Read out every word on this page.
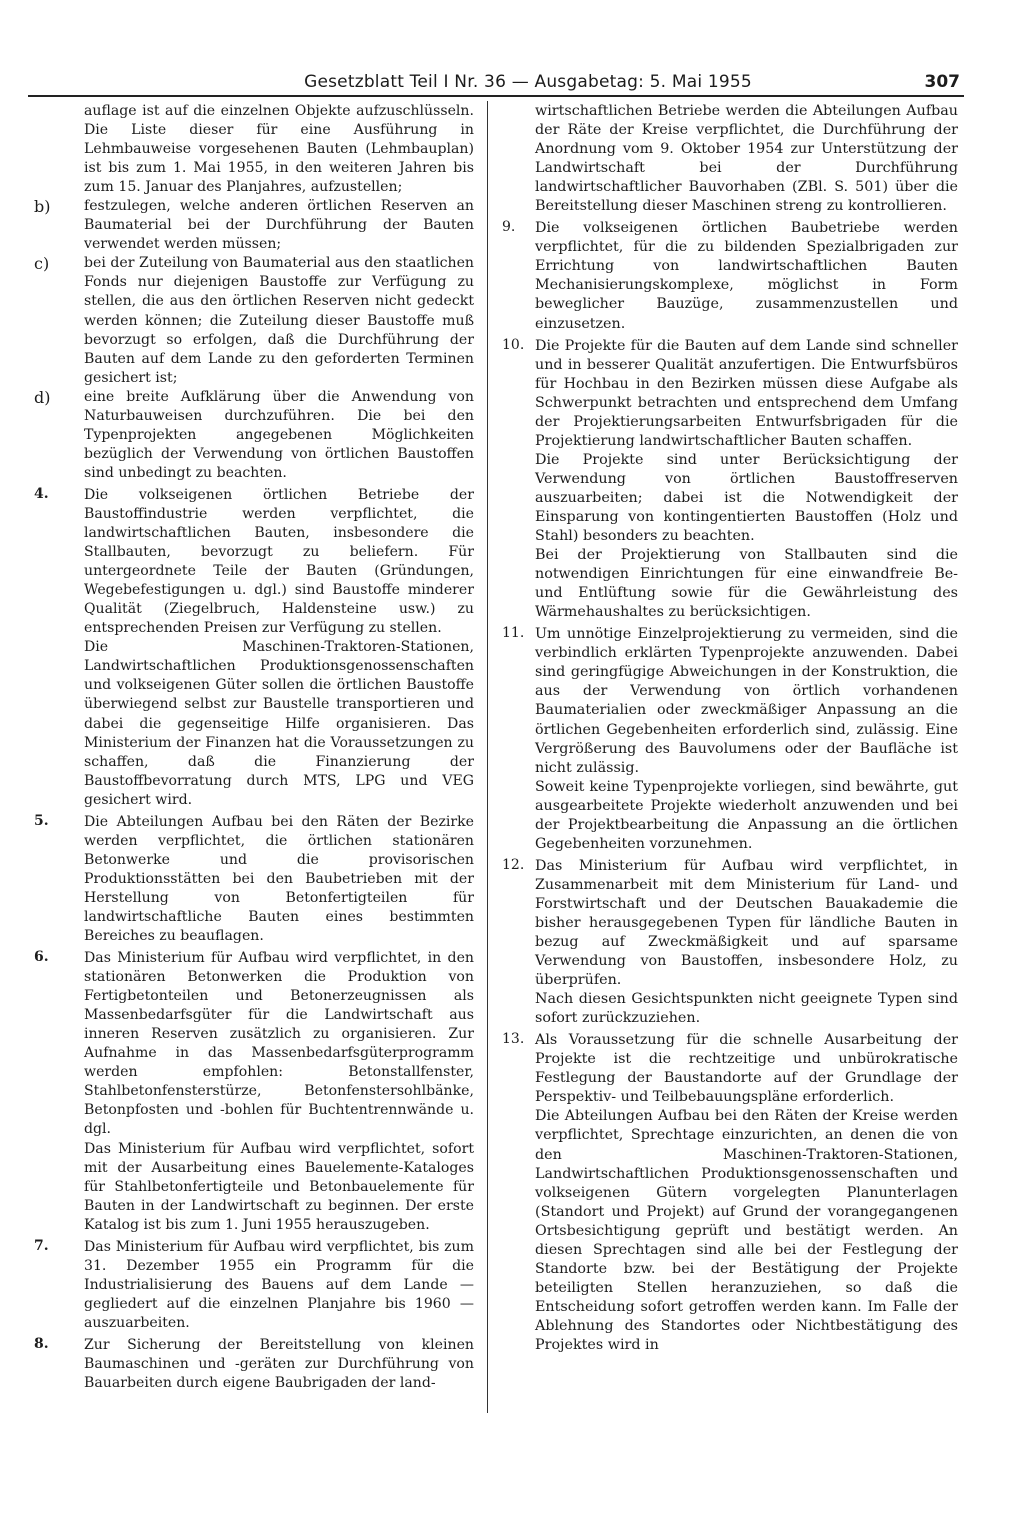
Gesetzblatt Teil I Nr. 36 — Ausgabetag: 5. Mai 1955	307

auflage ist auf die einzelnen Objekte aufzuschlüsseln. Die Liste dieser für eine Ausführung in Lehmbauweise vorgesehenen Bauten (Lehmbauplan) ist bis zum 1. Mai 1955, in den weiteren Jahren bis zum 15. Januar des Planjahres, aufzustellen;

b) festzulegen, welche anderen örtlichen Reserven an Baumaterial bei der Durchführung der Bauten verwendet werden müssen;

c) bei der Zuteilung von Baumaterial aus den staatlichen Fonds nur diejenigen Baustoffe zur Verfügung zu stellen, die aus den örtlichen Reserven nicht gedeckt werden können; die Zuteilung dieser Baustoffe muß bevorzugt so erfolgen, daß die Durchführung der Bauten auf dem Lande zu den geforderten Terminen gesichert ist;

d) eine breite Aufklärung über die Anwendung von Naturbauweisen durchzuführen. Die bei den Typenprojekten angegebenen Möglichkeiten bezüglich der Verwendung von örtlichen Baustoffen sind unbedingt zu beachten.

4.	Die volkseigenen örtlichen Betriebe der Baustoffindustrie werden verpflichtet, die landwirtschaftlichen Bauten, insbesondere die Stallbauten, bevorzugt zu beliefern. Für untergeordnete Teile der Bauten (Gründungen, Wegebefestigungen u. dgl.) sind Baustoffe minderer Qualität (Ziegelbruch, Haldensteine usw.) zu entsprechenden Preisen zur Verfügung zu stellen.

Die Maschinen-Traktoren-Stationen, Landwirtschaftlichen Produktionsgenossenschaften und volkseigenen Güter sollen die örtlichen Baustoffe überwiegend selbst zur Baustelle transportieren und dabei die gegenseitige Hilfe organisieren. Das Ministerium der Finanzen hat die Voraussetzungen zu schaffen, daß die Finanzierung der Baustoffbevorratung durch MTS, LPG und VEG gesichert wird.

5.	Die Abteilungen Aufbau bei den Räten der Bezirke werden verpflichtet, die örtlichen stationären Betonwerke und die provisorischen Produktionsstätten bei den Baubetrieben mit der Herstellung von Betonfertigteilen für landwirtschaftliche Bauten eines bestimmten Bereiches zu beauflagen.

6.	Das Ministerium für Aufbau wird verpflichtet, in den stationären Betonwerken die Produktion von Fertigbetonteilen und Betonerzeugnissen als Massenbedarfsgüter für die Landwirtschaft aus inneren Reserven zusätzlich zu organisieren. Zur Aufnahme in das Massenbedarfsgüterprogramm werden empfohlen: Betonstallfenster, Stahlbetonfensterstürze, Betonfenstersohlbänke, Betonpfosten und -bohlen für Buchtentrennwände u. dgl.

Das Ministerium für Aufbau wird verpflichtet, sofort mit der Ausarbeitung eines Bauelemente-Kataloges für Stahlbetonfertigteile und Betonbauelemente für Bauten in der Landwirtschaft zu beginnen. Der erste Katalog ist bis zum 1. Juni 1955 herauszugeben.

7.	Das Ministerium für Aufbau wird verpflichtet, bis zum 31. Dezember 1955 ein Programm für die Industrialisierung des Bauens auf dem Lande — gegliedert auf die einzelnen Planjahre bis 1960 — auszuarbeiten.

8.	Zur Sicherung der Bereitstellung von kleinen Baumaschinen und -geräten zur Durchführung von Bauarbeiten durch eigene Baubrigaden der land-

wirtschaftlichen Betriebe werden die Abteilungen Aufbau der Räte der Kreise verpflichtet, die Durchführung der Anordnung vom 9. Oktober 1954 zur Unterstützung der Landwirtschaft bei der Durchführung landwirtschaftlicher Bauvorhaben (ZBl. S. 501) über die Bereitstellung dieser Maschinen streng zu kontrollieren.

9. Die volkseigenen örtlichen Baubetriebe werden verpflichtet, für die zu bildenden Spezialbrigaden zur Errichtung von landwirtschaftlichen Bauten Mechanisierungskomplexe, möglichst in Form beweglicher Bauzüge, zusammenzustellen und einzusetzen.

10. Die Projekte für die Bauten auf dem Lande sind schneller und in besserer Qualität anzufertigen. Die Entwurfsbüros für Hochbau in den Bezirken müssen diese Aufgabe als Schwerpunkt betrachten und entsprechend dem Umfang der Projektierungsarbeiten Entwurfsbrigaden für die Projektierung landwirtschaftlicher Bauten schaffen.

Die Projekte sind unter Berücksichtigung der Verwendung von örtlichen Baustoffreserven auszuarbeiten; dabei ist die Notwendigkeit der Einsparung von kontingentierten Baustoffen (Holz und Stahl) besonders zu beachten.

Bei der Projektierung von Stallbauten sind die notwendigen Einrichtungen für eine einwandfreie Be- und Entlüftung sowie für die Gewährleistung des Wärmehaushaltes zu berücksichtigen.

11. Um unnötige Einzelprojektierung zu vermeiden, sind die verbindlich erklärten Typenprojekte anzuwenden. Dabei sind geringfügige Abweichungen in der Konstruktion, die aus der Verwendung von örtlich vorhandenen Baumaterialien oder zweckmäßiger Anpassung an die örtlichen Gegebenheiten erforderlich sind, zulässig. Eine Vergrößerung des Bauvolumens oder der Baufläche ist nicht zulässig.

Soweit keine Typenprojekte vorliegen, sind bewährte, gut ausgearbeitete Projekte wiederholt anzuwenden und bei der Projektbearbeitung die Anpassung an die örtlichen Gegebenheiten vorzunehmen.

12. Das Ministerium für Aufbau wird verpflichtet, in Zusammenarbeit mit dem Ministerium für Land- und Forstwirtschaft und der Deutschen Bauakademie die bisher herausgegebenen Typen für ländliche Bauten in bezug auf Zweckmäßigkeit und auf sparsame Verwendung von Baustoffen, insbesondere Holz, zu überprüfen.

Nach diesen Gesichtspunkten nicht geeignete Typen sind sofort zurückzuziehen.

13. Als Voraussetzung für die schnelle Ausarbeitung der Projekte ist die rechtzeitige und unbürokratische Festlegung der Baustandorte auf der Grundlage der Perspektiv- und Teilbebauungspläne erforderlich.

Die Abteilungen Aufbau bei den Räten der Kreise werden verpflichtet, Sprechtage einzurichten, an denen die von den Maschinen-Traktoren-Stationen, Landwirtschaftlichen Produktionsgenossenschaften und volkseigenen Gütern vorgelegten Planunterlagen (Standort und Projekt) auf Grund der vorangegangenen Ortsbesichtigung geprüft und bestätigt werden. An diesen Sprechtagen sind alle bei der Festlegung der Standorte bzw. bei der Bestätigung der Projekte beteiligten Stellen heranzuziehen, so daß die Entscheidung sofort getroffen werden kann. Im Falle der Ablehnung des Standortes oder Nichtbestätigung des Projektes wird in
